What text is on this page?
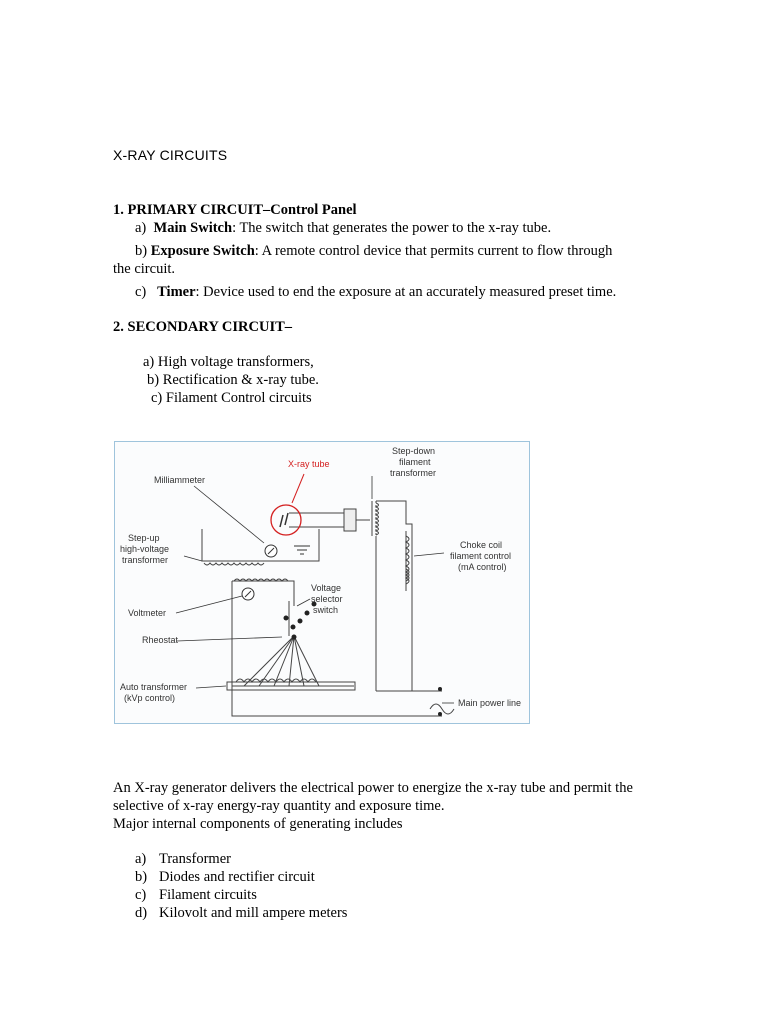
X-RAY CIRCUITS
1. PRIMARY CIRCUIT–Control Panel
a) Main Switch: The switch that generates the power to the x-ray tube.
b) Exposure Switch: A remote control device that permits current to flow through
the circuit.
c) Timer: Device used to end the exposure at an accurately measured preset time.
2. SECONDARY CIRCUIT–
a) High voltage transformers,
b) Rectification & x-ray tube.
c) Filament Control circuits
X-ray tube
Step-down
filament
transformer
Milliammeter
Step-up
high-voltage
transformer
Choke coil
filament control
(mA control)
Voltage
selector
switch
Voltmeter
Rheostat
Auto transformer
(kVp control)	Main power line
An X-ray generator delivers the electrical power to energize the x-ray tube and permit the
selective of x-ray energy-ray quantity and exposure time.
Major internal components of generating includes
a) Transformer
b) Diodes and rectifier circuit
c) Filament circuits
d) Kilovolt and mill ampere meters
